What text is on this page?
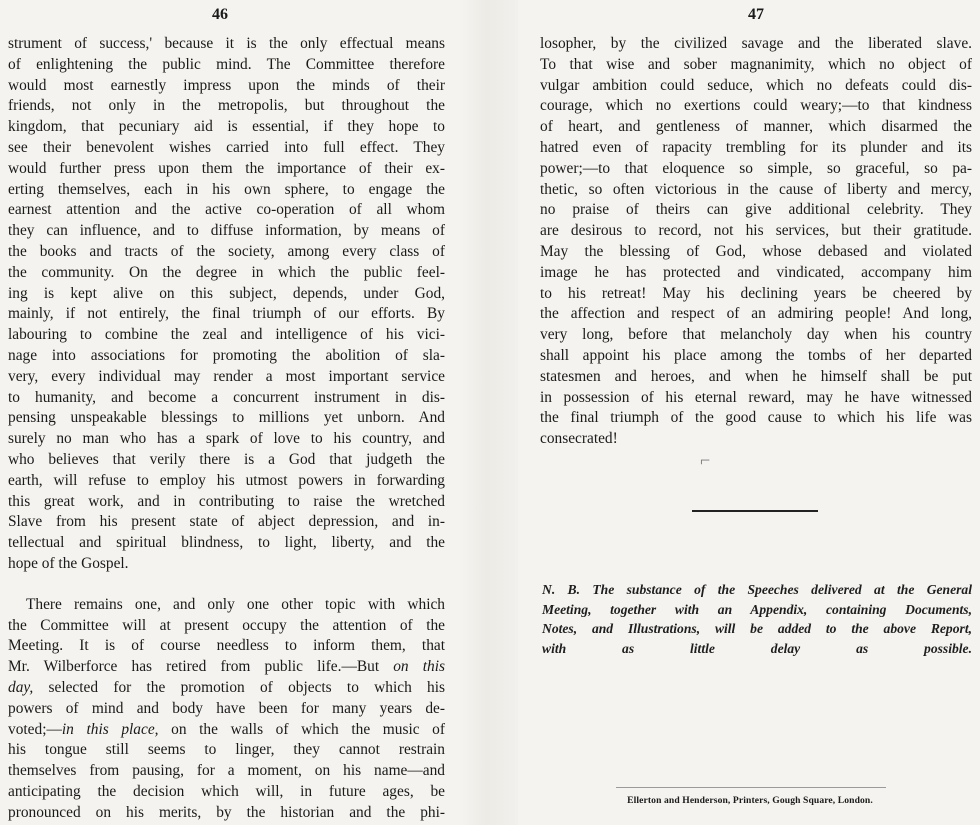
46
strument of success,' because it is the only effectual means
of enlightening the public mind. The Committee therefore
would most earnestly impress upon the minds of their
friends, not only in the metropolis, but throughout the
kingdom, that pecuniary aid is essential, if they hope to
see their benevolent wishes carried into full effect. They
would further press upon them the importance of their ex-
erting themselves, each in his own sphere, to engage the
earnest attention and the active co-operation of all whom
they can influence, and to diffuse information, by means of
the books and tracts of the society, among every class of
the community. On the degree in which the public feel-
ing is kept alive on this subject, depends, under God,
mainly, if not entirely, the final triumph of our efforts. By
labouring to combine the zeal and intelligence of his vici-
nage into associations for promoting the abolition of sla-
very, every individual may render a most important service
to humanity, and become a concurrent instrument in dis-
pensing unspeakable blessings to millions yet unborn. And
surely no man who has a spark of love to his country, and
who believes that verily there is a God that judgeth the
earth, will refuse to employ his utmost powers in forwarding
this great work, and in contributing to raise the wretched
Slave from his present state of abject depression, and in-
tellectual and spiritual blindness, to light, liberty, and the
hope of the Gospel.
There remains one, and only one other topic with which
the Committee will at present occupy the attention of the
Meeting. It is of course needless to inform them, that
Mr. Wilberforce has retired from public life.—But on this
day, selected for the promotion of objects to which his
powers of mind and body have been for many years de-
voted;—in this place, on the walls of which the music of
his tongue still seems to linger, they cannot restrain
themselves from pausing, for a moment, on his name—and
anticipating the decision which will, in future ages, be
pronounced on his merits, by the historian and the phi-
47
losopher, by the civilized savage and the liberated slave.
To that wise and sober magnanimity, which no object of
vulgar ambition could seduce, which no defeats could dis-
courage, which no exertions could weary;—to that kindness
of heart, and gentleness of manner, which disarmed the
hatred even of rapacity trembling for its plunder and its
power;—to that eloquence so simple, so graceful, so pa-
thetic, so often victorious in the cause of liberty and mercy,
no praise of theirs can give additional celebrity. They
are desirous to record, not his services, but their gratitude.
May the blessing of God, whose debased and violated
image he has protected and vindicated, accompany him
to his retreat! May his declining years be cheered by
the affection and respect of an admiring people! And long,
very long, before that melancholy day when his country
shall appoint his place among the tombs of her departed
statesmen and heroes, and when he himself shall be put
in possession of his eternal reward, may he have witnessed
the final triumph of the good cause to which his life was
consecrated!
⌐
N. B. The substance of the Speeches delivered at the General
Meeting, together with an Appendix, containing Documents,
Notes, and Illustrations, will be added to the above Report,
with as little delay as possible.
Ellerton and Henderson, Printers, Gough Square, London.
